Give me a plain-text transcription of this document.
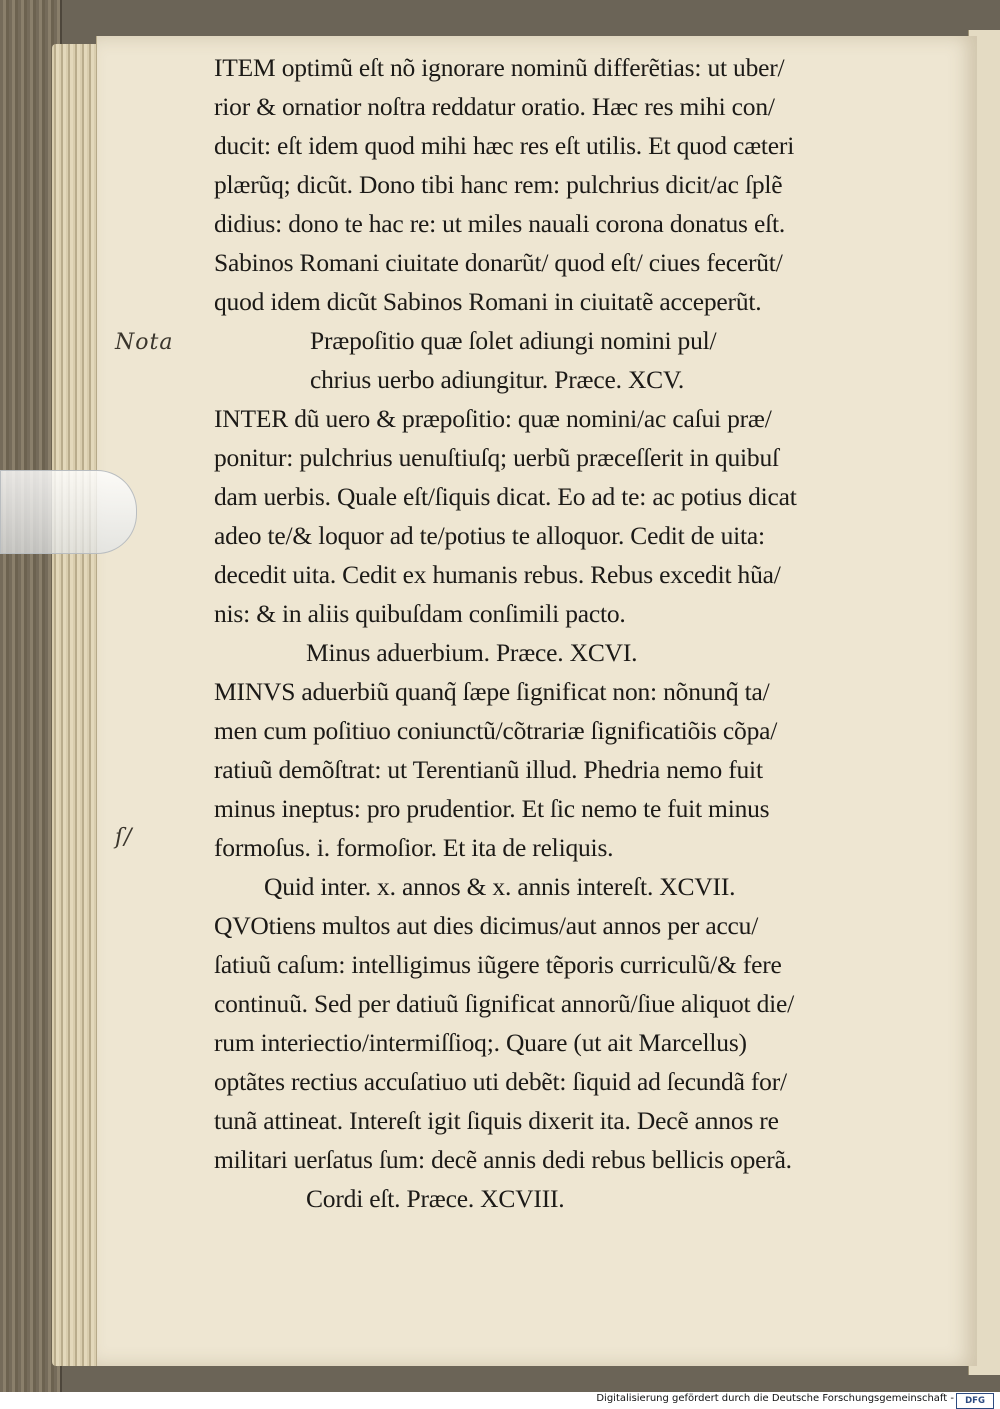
Nota
ſ/
ITEM optimũ eſt nõ ignorare nominũ differẽtias: ut uber/
rior & ornatior noſtra reddatur oratio. Hæc res mihi con/
ducit: eſt idem quod mihi hæc res eſt utilis. Et quod cæteri
plærũq; dicũt. Dono tibi hanc rem: pulchrius dicit/ac ſplẽ
didius: dono te hac re: ut miles nauali corona donatus eſt.
Sabinos Romani ciuitate donarũt/ quod eſt/ ciues fecerũt/
quod idem dicũt Sabinos Romani in ciuitatẽ acceperũt.
Præpoſitio quæ ſolet adiungi nomini pul/
chrius uerbo adiungitur. Præce. XCV.
INTER dũ uero & præpoſitio: quæ nomini/ac caſui præ/
ponitur: pulchrius uenuſtiuſq; uerbũ præceſſerit in quibuſ
dam uerbis. Quale eſt/ſiquis dicat. Eo ad te: ac potius dicat
adeo te/& loquor ad te/potius te alloquor. Cedit de uita:
decedit uita. Cedit ex humanis rebus. Rebus excedit hũa/
nis: & in aliis quibuſdam conſimili pacto.
Minus aduerbium. Præce. XCVI.
MINVS aduerbiũ quanq̃ ſæpe ſignificat non: nõnunq̃ ta/
men cum poſitiuo coniunctũ/cõtrariæ ſignificatiõis cõpa/
ratiuũ demõſtrat: ut Terentianũ illud. Phedria nemo fuit
minus ineptus: pro prudentior. Et ſic nemo te fuit minus
formoſus. i. formoſior. Et ita de reliquis.
Quid inter. x. annos & x. annis intereſt. XCVII.
QVOtiens multos aut dies dicimus/aut annos per accu/
ſatiuũ caſum: intelligimus iũgere tẽporis curriculũ/& fere
continuũ. Sed per datiuũ ſignificat annorũ/ſiue aliquot die/
rum interiectio/intermiſſioq;. Quare (ut ait Marcellus)
optãtes rectius accuſatiuo uti debẽt: ſiquid ad ſecundã for/
tunã attineat. Intereſt igit ſiquis dixerit ita. Decẽ annos re
militari uerſatus ſum: decẽ annis dedi rebus bellicis operã.
Cordi eſt. Præce. XCVIII.
Digitalisierung gefördert durch die Deutsche Forschungsgemeinschaft -	DFG
